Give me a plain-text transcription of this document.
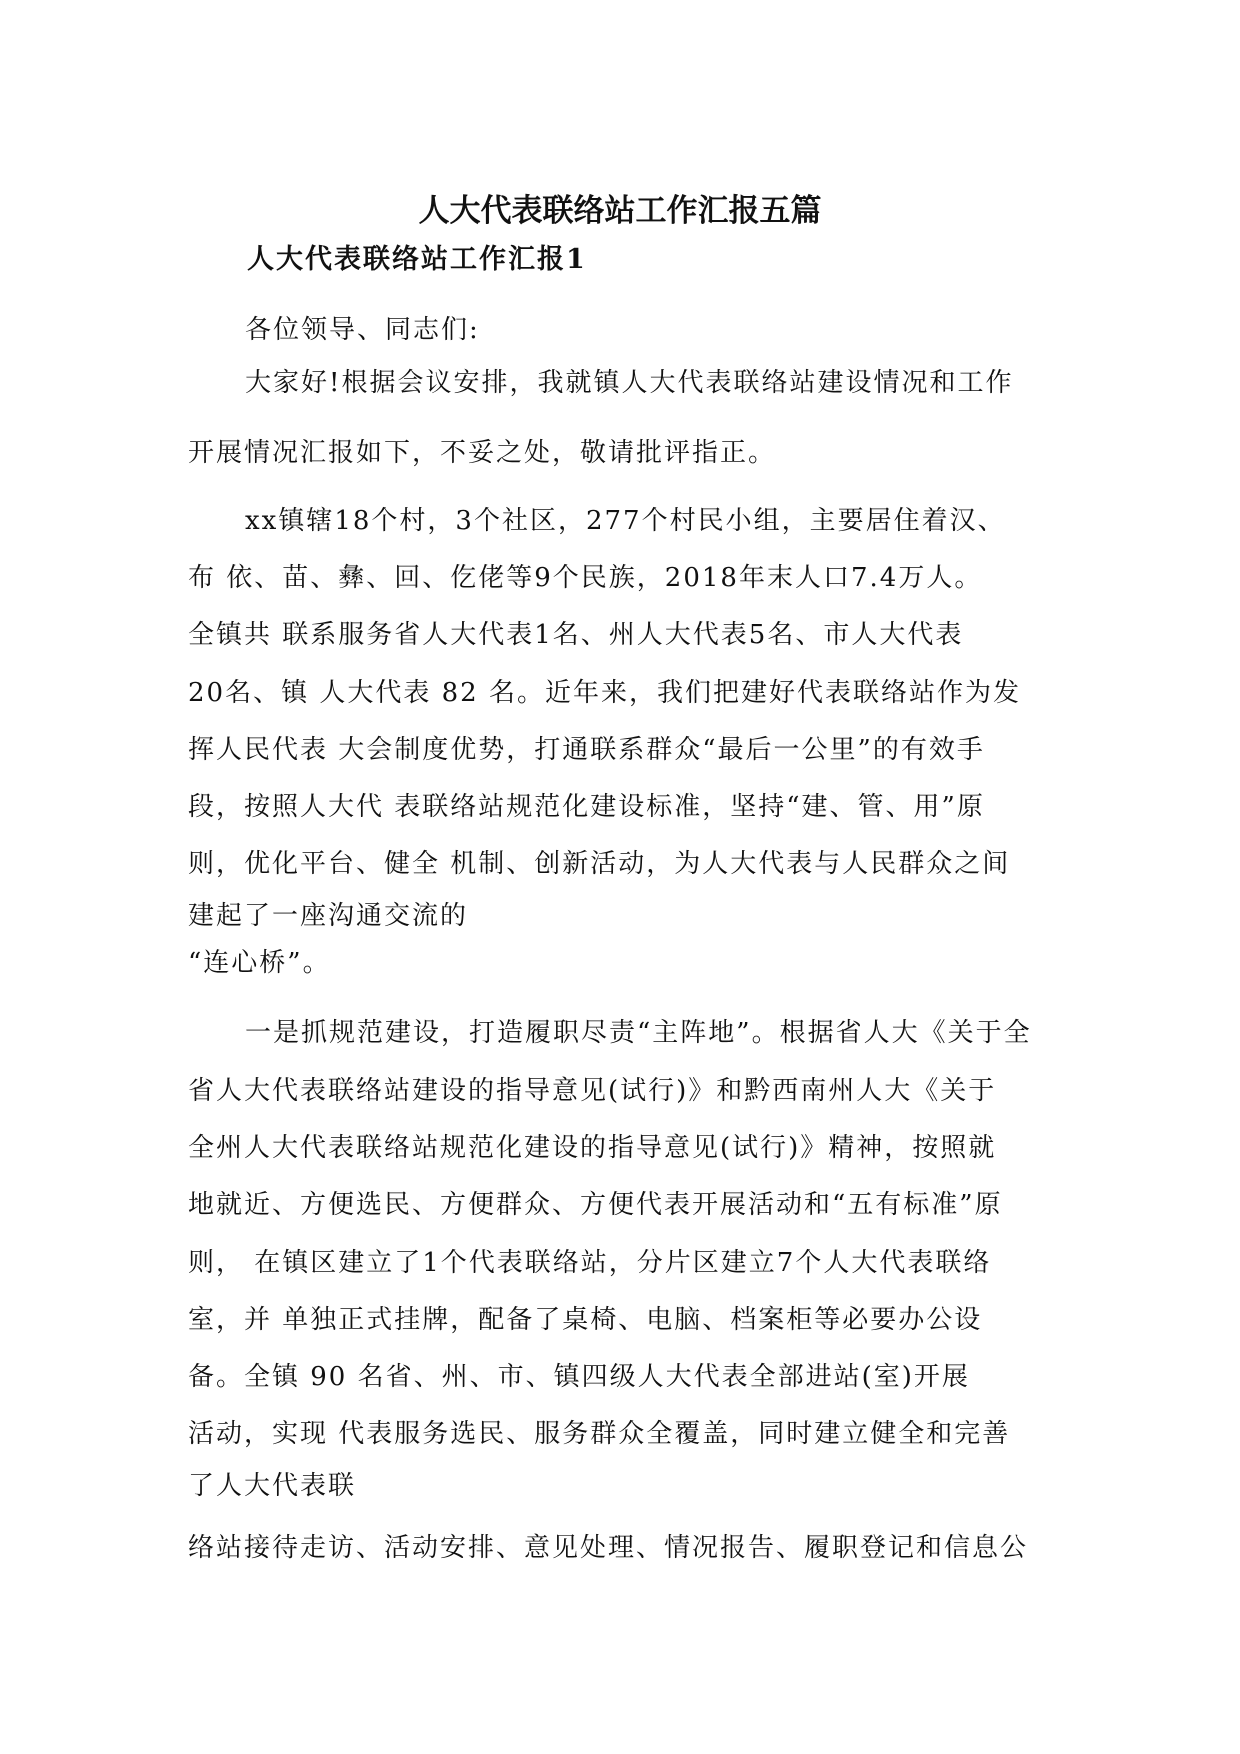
人大代表联络站工作汇报五篇
人大代表联络站工作汇报1

各位领导、同志们:

大家好!根据会议安排，我就镇人大代表联络站建设情况和工作

开展情况汇报如下，不妥之处，敬请批评指正。

xx镇辖18个村，3个社区，277个村民小组，主要居住着汉、

布 依、苗、彝、回、仡佬等9个民族，2018年末人口7.4万人。

全镇共 联系服务省人大代表1名、州人大代表5名、市人大代表

20名、镇 人大代表 82 名。近年来，我们把建好代表联络站作为发

挥人民代表 大会制度优势，打通联系群众“最后一公里”的有效手

段，按照人大代 表联络站规范化建设标准，坚持“建、管、用”原

则，优化平台、健全 机制、创新活动，为人大代表与人民群众之间

建起了一座沟通交流的

“连心桥”。

一是抓规范建设，打造履职尽责“主阵地”。根据省人大《关于全

省人大代表联络站建设的指导意见(试行)》和黔西南州人大《关于

全州人大代表联络站规范化建设的指导意见(试行)》精神，按照就

地就近、方便选民、方便群众、方便代表开展活动和“五有标准”原

则， 在镇区建立了1个代表联络站，分片区建立7个人大代表联络

室，并 单独正式挂牌，配备了桌椅、电脑、档案柜等必要办公设

备。全镇 90 名省、州、市、镇四级人大代表全部进站(室)开展

活动，实现 代表服务选民、服务群众全覆盖，同时建立健全和完善

了人大代表联

络站接待走访、活动安排、意见处理、情况报告、履职登记和信息公
